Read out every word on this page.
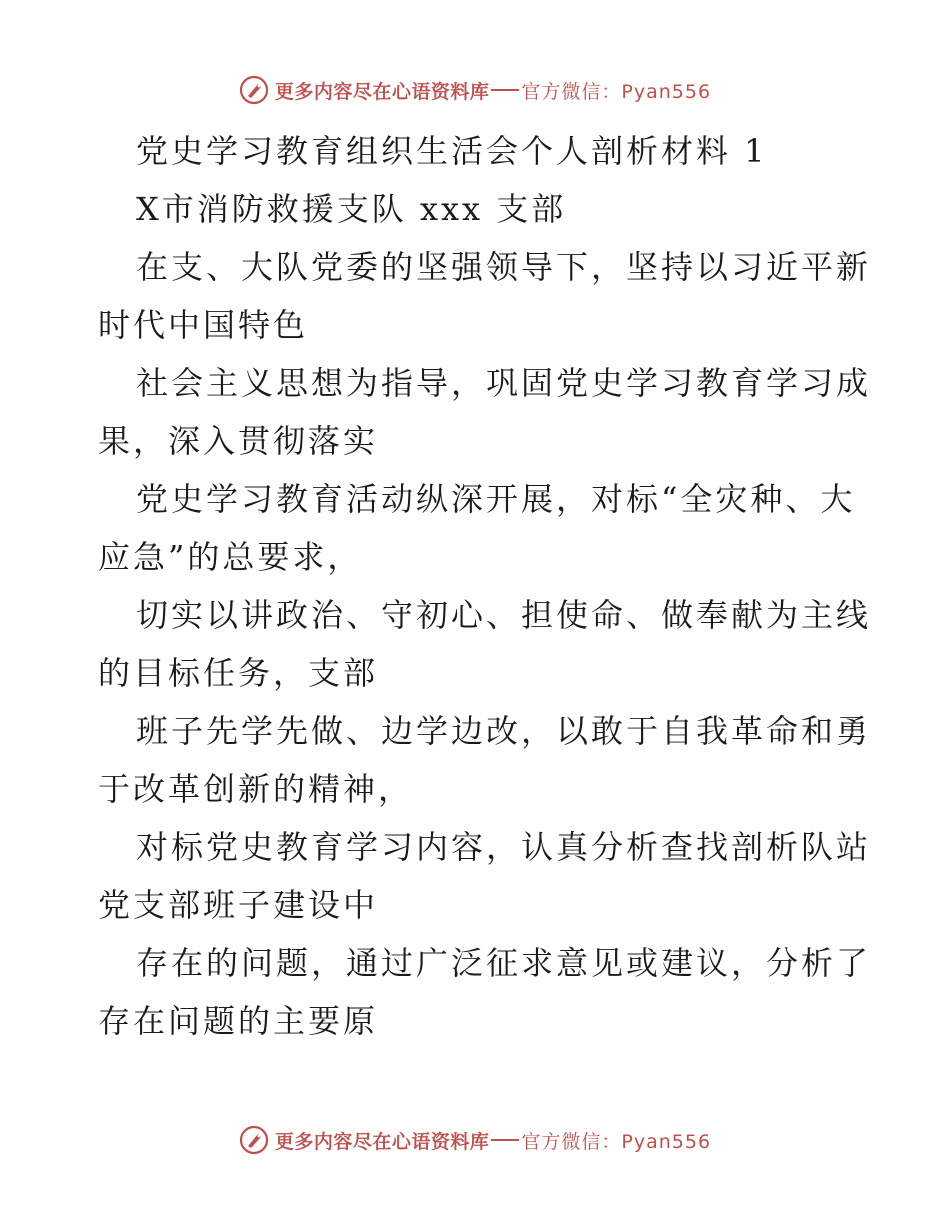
更多内容尽在心语资料库 官方微信：Pyan556
党史学习教育组织生活会个人剖析材料 1
X市消防救援支队 xxx 支部
在支、大队党委的坚强领导下，坚持以习近平新
时代中国特色
社会主义思想为指导，巩固党史学习教育学习成
果，深入贯彻落实
党史学习教育活动纵深开展，对标“全灾种、大
应急”的总要求，
切实以讲政治、守初心、担使命、做奉献为主线
的目标任务，支部
班子先学先做、边学边改，以敢于自我革命和勇
于改革创新的精神，
对标党史教育学习内容，认真分析查找剖析队站
党支部班子建设中
存在的问题，通过广泛征求意见或建议，分析了
存在问题的主要原
更多内容尽在心语资料库 官方微信：Pyan556
